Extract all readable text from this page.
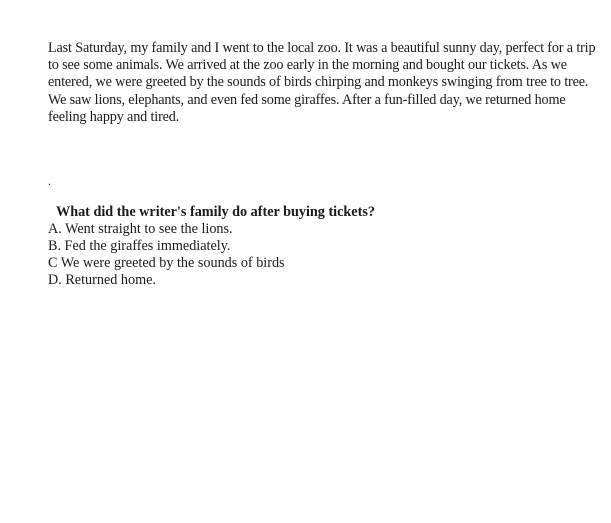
Last Saturday, my family and I went to the local zoo. It was a beautiful sunny day, perfect for a trip to see some animals. We arrived at the zoo early in the morning and bought our tickets. As we entered, we were greeted by the sounds of birds chirping and monkeys swinging from tree to tree. We saw lions, elephants, and even fed some giraffes. After a fun-filled day, we returned home feeling happy and tired.

.

What did the writer's family do after buying tickets?

A. Went straight to see the lions.
B. Fed the giraffes immediately.
C We were greeted by the sounds of birds
D. Returned home.
